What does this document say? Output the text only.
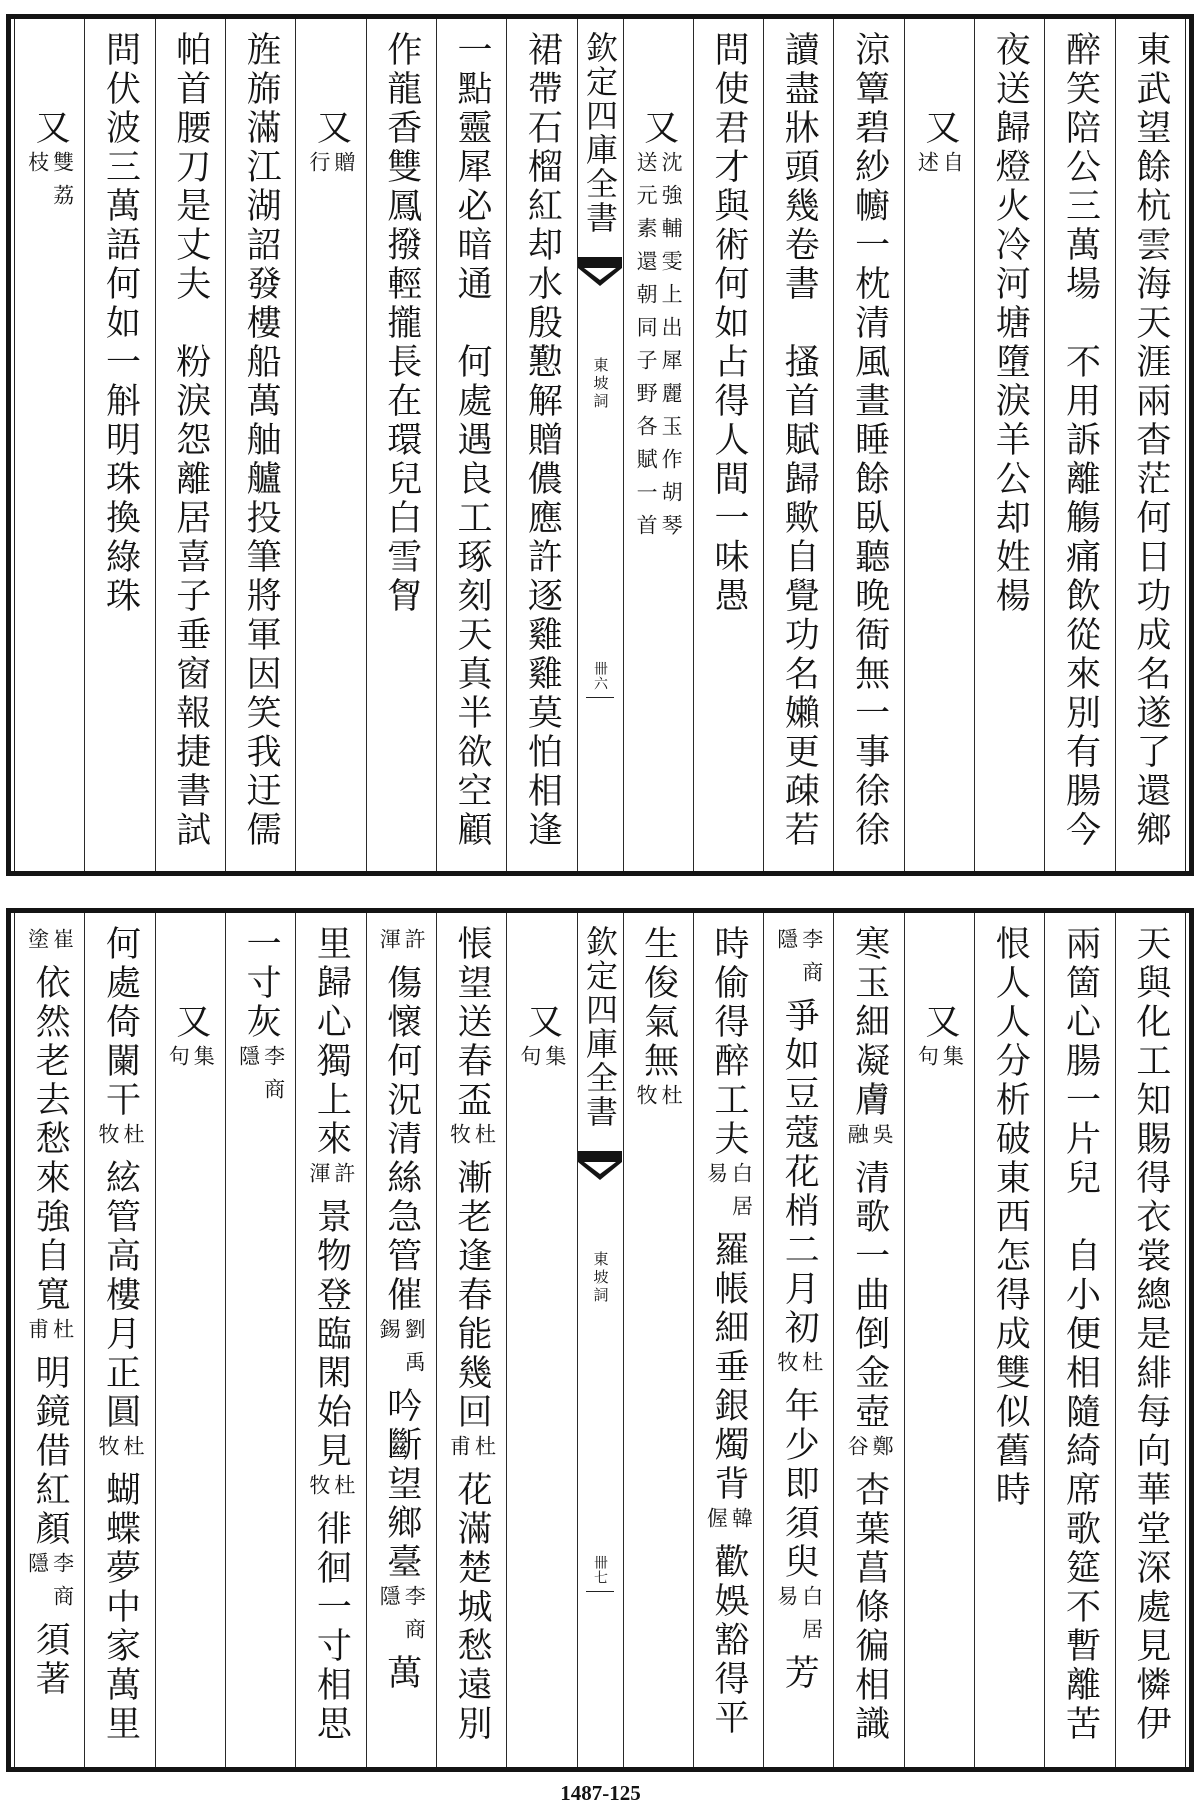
東武望餘杭雲海天涯兩杳茫何日功成名遂了還鄉
醉笑陪公三萬場　不用訴離觴痛飲從來別有腸今
夜送歸燈火冷河塘墮淚羊公却姓楊
又
自
述
涼簟碧紗幮一枕清風晝睡餘臥聽晚衙無一事徐徐
讀盡牀頭幾卷書　搔首賦歸歟自覺功名嬾更疎若
問使君才與術何如占得人間一味愚
又
沈強輔雯上出犀麗玉作胡琴
送元素還朝同子野各賦一首
欽定四庫全書
東坡詞
卌六
裙帶石榴紅却水殷懃解贈儂應許逐雞雞莫怕相逢
一點靈犀必暗通　何處遇良工琢刻天真半欲空顧
作龍香雙鳳撥輕攏長在環兒白雪胷
又
贈
行
旌旆滿江湖詔發樓船萬舳艫投筆將軍因笑我迂儒
帕首腰刀是丈夫　粉淚怨離居喜子垂窗報捷書試
問伏波三萬語何如一斛明珠換綠珠
又
雙荔
枝
天與化工知賜得衣裳總是緋每向華堂深處見憐伊
兩箇心腸一片兒　自小便相隨綺席歌筵不暫離苦
恨人人分析破東西怎得成雙似舊時
又
集
句
寒玉細凝膚
吳
融
清歌一曲倒金壺
鄭
谷
杏葉菖條徧相識
李商
隱
爭如豆蔻花梢二月初
杜
牧
年少即須臾
白居
易
芳
時偷得醉工夫
白居
易
羅帳細垂銀燭背
韓
偓
歡娛豁得平
生俊氣無
杜
牧
欽定四庫全書
東坡詞
卌七
又
集
句
悵望送春盃
杜
牧
漸老逢春能幾回
杜
甫
花滿楚城愁遠別
許
渾
傷懷何況清絲急管催
劉禹
錫
吟斷望鄉臺
李商
隱
萬
里歸心獨上來
許
渾
景物登臨閑始見
杜
牧
徘徊一寸相思
一寸灰
李商
隱
又
集
句
何處倚闌干
杜
牧
絃管高樓月正圓
杜
牧
蝴蝶夢中家萬里
崔
塗
依然老去愁來強自寬
杜
甫
明鏡借紅顏
李商
隱
須著
1487-125
